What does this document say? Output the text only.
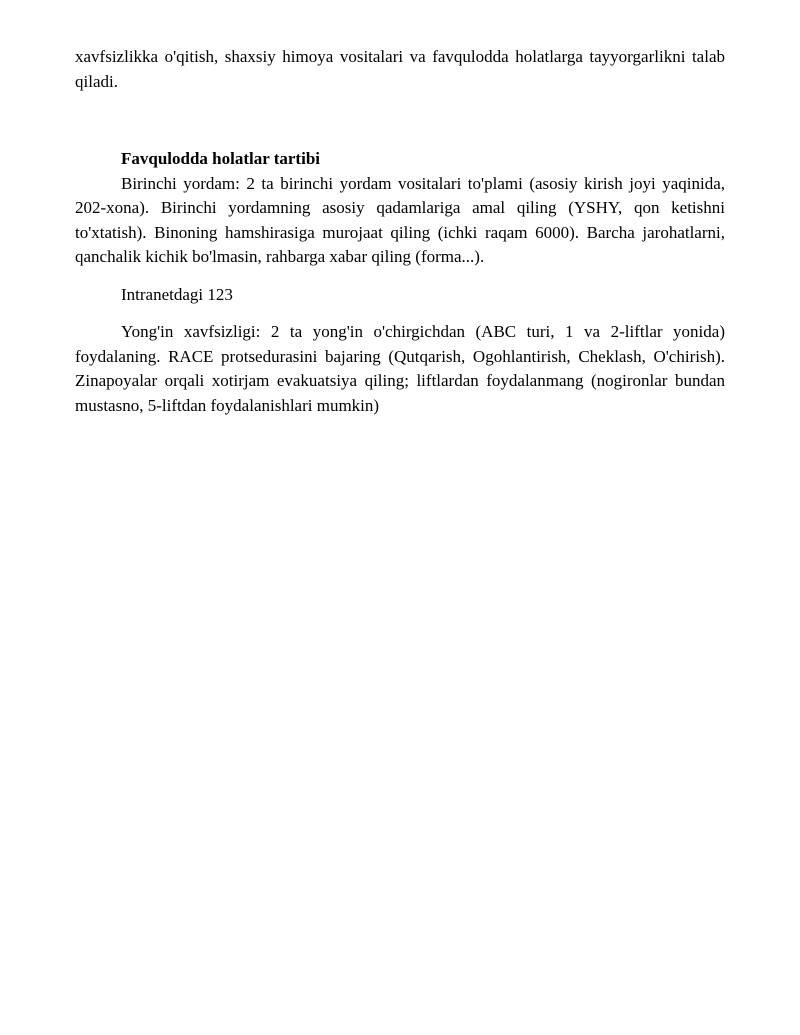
xavfsizlikka o'qitish, shaxsiy himoya vositalari va favqulodda holatlarga tayyorgarlikni talab qiladi.

Favqulodda holatlar tartibi

Birinchi yordam: 2 ta birinchi yordam vositalari to'plami (asosiy kirish joyi yaqinida, 202-xona). Birinchi yordamning asosiy qadamlariga amal qiling (YSHY, qon ketishni to'xtatish). Binoning hamshirasiga murojaat qiling (ichki raqam 6000). Barcha jarohatlarni, qanchalik kichik bo'lmasin, rahbarga xabar qiling (forma...).

Intranetdagi 123

Yong'in xavfsizligi: 2 ta yong'in o'chirgichdan (ABC turi, 1 va 2-liftlar yonida) foydalaning. RACE protsedurasini bajaring (Qutqarish, Ogohlantirish, Cheklash, O'chirish). Zinapoyalar orqali xotirjam evakuatsiya qiling; liftlardan foydalanmang (nogironlar bundan mustasno, 5-liftdan foydalanishlari mumkin)
